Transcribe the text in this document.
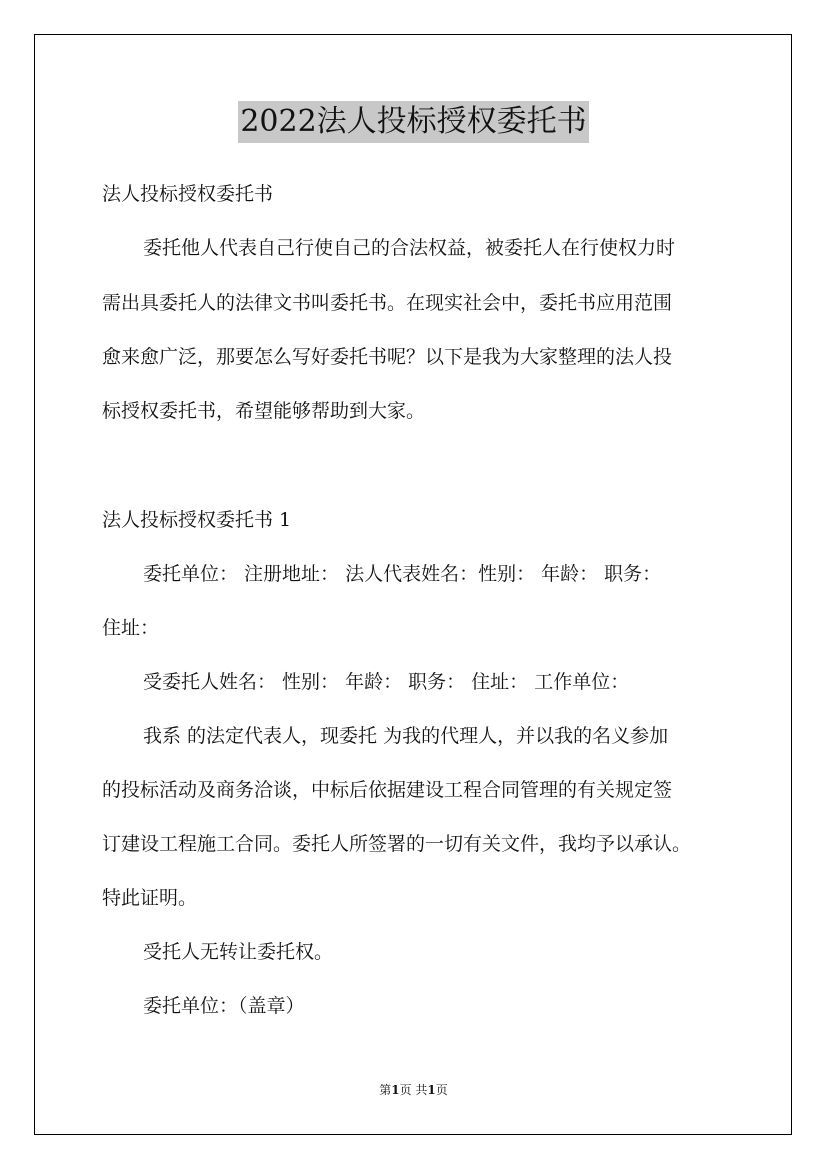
2022法人投标授权委托书
法人投标授权委托书
委托他人代表自己行使自己的合法权益，被委托人在行使权力时
需出具委托人的法律文书叫委托书。在现实社会中，委托书应用范围
愈来愈广泛，那要怎么写好委托书呢？以下是我为大家整理的法人投
标授权委托书，希望能够帮助到大家。
法人投标授权委托书 1
委托单位： 注册地址： 法人代表姓名：性别： 年龄： 职务：
住址：
受委托人姓名： 性别： 年龄： 职务： 住址： 工作单位：
我系 的法定代表人，现委托 为我的代理人，并以我的名义参加
的投标活动及商务洽谈，中标后依据建设工程合同管理的有关规定签
订建设工程施工合同。委托人所签署的一切有关文件，我均予以承认。
特此证明。
受托人无转让委托权。
委托单位：（盖章）
第1页 共1页
